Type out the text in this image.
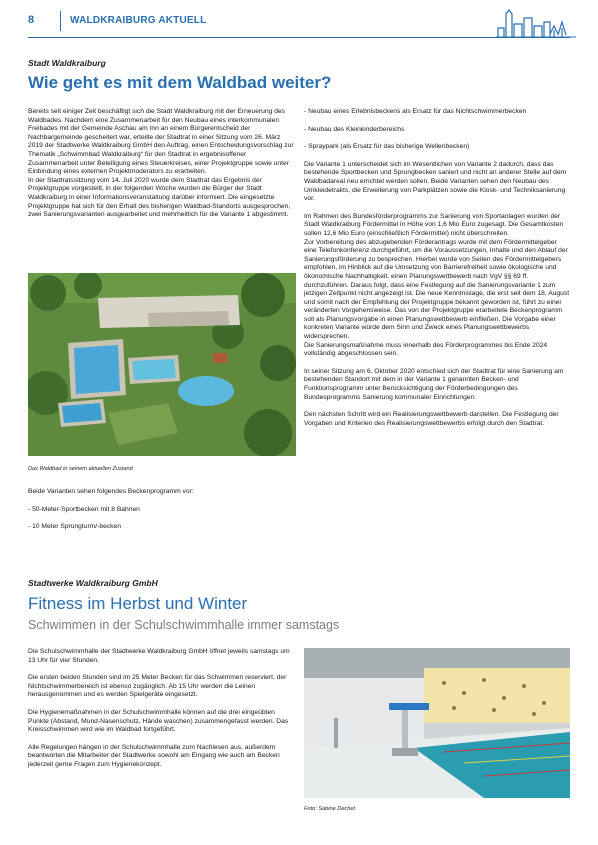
8	WALDKRAIBURG AKTUELL
Stadt Waldkraiburg
Wie geht es mit dem Waldbad weiter?
Bereits seit einiger Zeit beschäftigt sich die Stadt Waldkraiburg mit der Erneuerung des Waldbades. Nachdem eine Zusammenarbeit für den Neubau eines interkommunalen Freibades mit der Gemeinde Aschau am Inn an einem Bürgerentscheid der Nachbargemeinde gescheitert war, erteilte der Stadtrat in einer Sitzung vom 26. März 2019 der Stadtwerke Waldkraiburg GmbH den Auftrag, einen Entscheidungsvorschlag zur Thematik „Schwimmbad Waldkraiburg“ für den Stadtrat in ergebnisoffener Zusammenarbeit unter Beteiligung eines Steuerkreises, einer Projektgruppe sowie unter Einbindung eines externen Projektmoderators zu erarbeiten.
In der Stadtratssitzung vom 14. Juli 2020 wurde dem Stadtrat das Ergebnis der Projektgruppe vorgestellt, in der folgenden Woche wurden die Bürger der Stadt Waldkraiburg in einer Informationsveranstaltung darüber informiert. Die eingesetzte Projektgruppe hat sich für den Erhalt des bisherigen Waldbad-Standorts ausgesprochen, zwei Sanierungsvarianten ausgearbeitet und mehrheitlich für die Variante 1 abgestimmt.
Das Waldbad in seinem aktuellen Zustand
Beide Varianten sehen folgendes Beckenprogramm vor:
- 50-Meter-Sportbecken mit 8 Bahnen
- 10 Meter Sprungturm/-becken
- Neubau eines Erlebnisbeckens als Ersatz für das Nichtschwimmerbecken
- Neubau des Kleinkinderbereichs
- Spraypark (als Ersatz für das bisherige Wellenbecken)
Die Variante 1 unterscheidet sich im Wesentlichen von Variante 2 dadurch, dass das bestehende Sportbecken und Sprungbecken saniert und nicht an anderer Stelle auf dem Waldbadareal neu errichtet werden sollen. Beide Varianten sehen den Neubau des Umkleidetrakts, die Erweiterung von Parkplätzen sowie die Kiosk- und Techniksanierung vor.
Im Rahmen des Bundesförderprogramms zur Sanierung von Sportanlagen wurden der Stadt Waldkraiburg Fördermittel in Höhe von 1,6 Mio Euro zugesagt. Die Gesamtkosten sollen 12,6 Mio Euro (einschließlich Fördermittel) nicht überschreiten.
Zur Vorbereitung des abzugebenden Förderantrags wurde mit dem Fördermittelgeber eine Telefonkonferenz durchgeführt, um die Voraussetzungen, Inhalte und den Ablauf der Sanierungsförderung zu besprechen. Hierbei wurde von Seiten des Fördermittelgebers empfohlen, im Hinblick auf die Umsetzung von Barrierefreiheit sowie ökologische und ökonomische Nachhaltigkeit, einen Planungswettbewerb nach VgV §§ 69 ff. durchzuführen. Daraus folgt, dass eine Festlegung auf die Sanierungsvariante 1 zum jetzigen Zeitpunkt nicht angezeigt ist. Die neue Kenntnislage, die erst seit dem 18. August und somit nach der Empfehlung der Projektgruppe bekannt geworden ist, führt zu einer veränderten Vorgehensweise. Das von der Projektgruppe erarbeitete Beckenprogramm soll als Planungsvorgabe in einen Planungswettbewerb einfließen. Die Vorgabe einer konkreten Variante würde dem Sinn und Zweck eines Planungswettbewerbs widersprechen.
Die Sanierungsmaßnahme muss innerhalb des Förderprogrammes bis Ende 2024 vollständig abgeschlossen sein.
In seiner Sitzung am 6. Oktober 2020 entschied sich der Stadtrat für eine Sanierung am bestehenden Standort mit dem in der Variante 1 genannten Becken- und Funktionsprogramm unter Berücksichtigung der Förderbedingungen des Bundesprogramms Sanierung kommunaler Einrichtungen.
Den nächsten Schritt wird ein Realisierungswettbewerb darstellen. Die Festlegung der Vorgaben und Kriterien des Realisierungswettbewerbs erfolgt durch den Stadtrat.
Stadtwerke Waldkraiburg GmbH
Fitness im Herbst und Winter
Schwimmen in der Schulschwimmhalle immer samstags
Die Schulschwimmhalle der Stadtwerke Waldkraiburg GmbH öffnet jeweils samstags um 13 Uhr für vier Stunden.
Die ersten beiden Stunden sind im 25 Meter Becken für das Schwimmen reserviert, der Nichtschwimmerbereich ist ebenso zugänglich. Ab 15 Uhr werden die Leinen herausgenommen und es werden Spielgeräte eingesetzt.
Die Hygienemaßnahmen in der Schulschwimmhalle können auf die drei eingeübten Punkte (Abstand, Mund-Nasenschutz, Hände waschen) zusammengefasst werden. Das Kreisschwimmen wird wie im Waldbad fortgeführt.
Alle Regelungen hängen in der Schulschwimmhalle zum Nachlesen aus, außerdem beantworten die Mitarbeiter der Stadtwerke sowohl am Eingang wie auch am Becken jederzeit gerne Fragen zum Hygienekonzept.
Foto: Sabine Dechet
